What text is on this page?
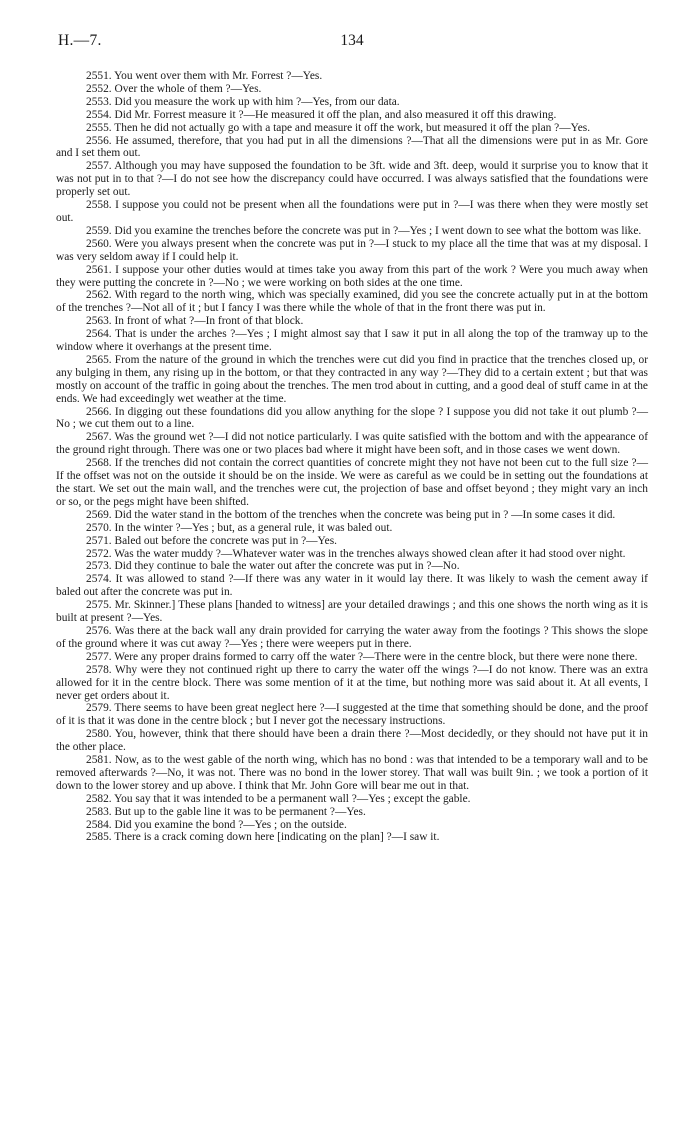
H.—7.	134

2551. You went over them with Mr. Forrest ?—Yes.

2552. Over the whole of them ?—Yes.

2553. Did you measure the work up with him ?—Yes, from our data.

2554. Did Mr. Forrest measure it ?—He measured it off the plan, and also measured it off this drawing.

2555. Then he did not actually go with a tape and measure it off the work, but measured it off the plan ?—Yes.

2556. He assumed, therefore, that you had put in all the dimensions ?—That all the dimensions were put in as Mr. Gore and I set them out.

2557. Although you may have supposed the foundation to be 3ft. wide and 3ft. deep, would it surprise you to know that it was not put in to that ?—I do not see how the discrepancy could have occurred. I was always satisfied that the foundations were properly set out.

2558. I suppose you could not be present when all the foundations were put in ?—I was there when they were mostly set out.

2559. Did you examine the trenches before the concrete was put in ?—Yes ; I went down to see what the bottom was like.

2560. Were you always present when the concrete was put in ?—I stuck to my place all the time that was at my disposal. I was very seldom away if I could help it.

2561. I suppose your other duties would at times take you away from this part of the work ? Were you much away when they were putting the concrete in ?—No ; we were working on both sides at the one time.

2562. With regard to the north wing, which was specially examined, did you see the concrete actually put in at the bottom of the trenches ?—Not all of it ; but I fancy I was there while the whole of that in the front there was put in.

2563. In front of what ?—In front of that block.

2564. That is under the arches ?—Yes ; I might almost say that I saw it put in all along the top of the tramway up to the window where it overhangs at the present time.

2565. From the nature of the ground in which the trenches were cut did you find in practice that the trenches closed up, or any bulging in them, any rising up in the bottom, or that they contracted in any way ?—They did to a certain extent ; but that was mostly on account of the traffic in going about the trenches. The men trod about in cutting, and a good deal of stuff came in at the ends. We had exceedingly wet weather at the time.

2566. In digging out these foundations did you allow anything for the slope ? I suppose you did not take it out plumb ?—No ; we cut them out to a line.

2567. Was the ground wet ?—I did not notice particularly. I was quite satisfied with the bottom and with the appearance of the ground right through. There was one or two places bad where it might have been soft, and in those cases we went down.

2568. If the trenches did not contain the correct quantities of concrete might they not have not been cut to the full size ?—If the offset was not on the outside it should be on the inside. We were as careful as we could be in setting out the foundations at the start. We set out the main wall, and the trenches were cut, the projection of base and offset beyond ; they might vary an inch or so, or the pegs might have been shifted.

2569. Did the water stand in the bottom of the trenches when the concrete was being put in ? —In some cases it did.

2570. In the winter ?—Yes ; but, as a general rule, it was baled out.

2571. Baled out before the concrete was put in ?—Yes.

2572. Was the water muddy ?—Whatever water was in the trenches always showed clean after it had stood over night.

2573. Did they continue to bale the water out after the concrete was put in ?—No.

2574. It was allowed to stand ?—If there was any water in it would lay there. It was likely to wash the cement away if baled out after the concrete was put in.

2575. Mr. Skinner.] These plans [handed to witness] are your detailed drawings ; and this one shows the north wing as it is built at present ?—Yes.

2576. Was there at the back wall any drain provided for carrying the water away from the footings ? This shows the slope of the ground where it was cut away ?—Yes ; there were weepers put in there.

2577. Were any proper drains formed to carry off the water ?—There were in the centre block, but there were none there.

2578. Why were they not continued right up there to carry the water off the wings ?—I do not know. There was an extra allowed for it in the centre block. There was some mention of it at the time, but nothing more was said about it. At all events, I never get orders about it.

2579. There seems to have been great neglect here ?—I suggested at the time that something should be done, and the proof of it is that it was done in the centre block ; but I never got the necessary instructions.

2580. You, however, think that there should have been a drain there ?—Most decidedly, or they should not have put it in the other place.

2581. Now, as to the west gable of the north wing, which has no bond : was that intended to be a temporary wall and to be removed afterwards ?—No, it was not. There was no bond in the lower storey. That wall was built 9in. ; we took a portion of it down to the lower storey and up above. I think that Mr. John Gore will bear me out in that.

2582. You say that it was intended to be a permanent wall ?—Yes ; except the gable.

2583. But up to the gable line it was to be permanent ?—Yes.

2584. Did you examine the bond ?—Yes ; on the outside.

2585. There is a crack coming down here [indicating on the plan] ?—I saw it.
